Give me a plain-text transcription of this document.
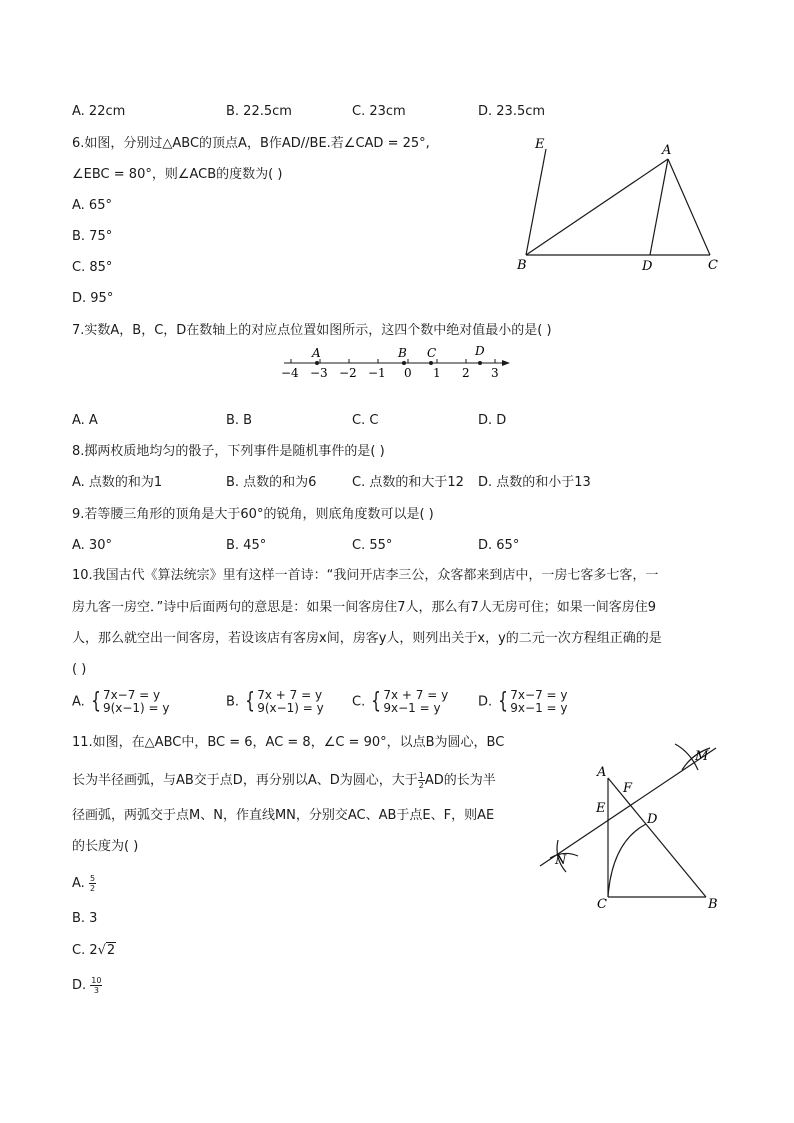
A. 22cm	B. 22.5cm	C. 23cm	D. 23.5cm
6.如图，分别过△ABC的顶点A，B作AD//BE.若∠CAD = 25°,
∠EBC = 80°，则∠ACB的度数为( )
A. 65°
B. 75°
C. 85°
D. 95°
E	A
B	D	C
7.实数A，B，C，D在数轴上的对应点位置如图所示，这四个数中绝对值最小的是( )
A	B C	D
−4 −3 −2 −1 0 1 2 3
A. A	B. B	C. C	D. D
8.掷两枚质地均匀的骰子，下列事件是随机事件的是( )
A. 点数的和为1	B. 点数的和为6	C. 点数的和大于12 D. 点数的和小于13
9.若等腰三角形的顶角是大于60°的锐角，则底角度数可以是( )
A. 30°	B. 45°	C. 55°	D. 65°
10.我国古代《算法统宗》里有这样一首诗：“我问开店李三公，众客都来到店中，一房七客多七客，一
房九客一房空．”诗中后面两句的意思是：如果一间客房住7人，那么有7人无房可住；如果一间客房住9
人，那么就空出一间客房，若设该店有客房x间，房客y人，则列出关于x，y的二元一次方程组正确的是
( )
A. { 7x−7 = y
9(x−1) = y	B. { 7x + 7 = y
9(x−1) = y C. { 7x + 7 = y
9x−1 = y	D. { 7x−7 = y
9x−1 = y
11.如图，在△ABC中，BC = 6，AC = 8，∠C = 90°，以点B为圆心，BC
长为半径画弧，与AB交于点D，再分别以A、D为圆心，大于 $\frac{1}{2}$ AD的长为半
径画弧，两弧交于点M、N，作直线MN，分别交AC、AB于点E、F，则AE
的长度为( )
A. $\frac{5}{2}$
B. 3
C. 2√2
D. $\frac{10}{3}$
M
A
F
E
D
N
C	B
